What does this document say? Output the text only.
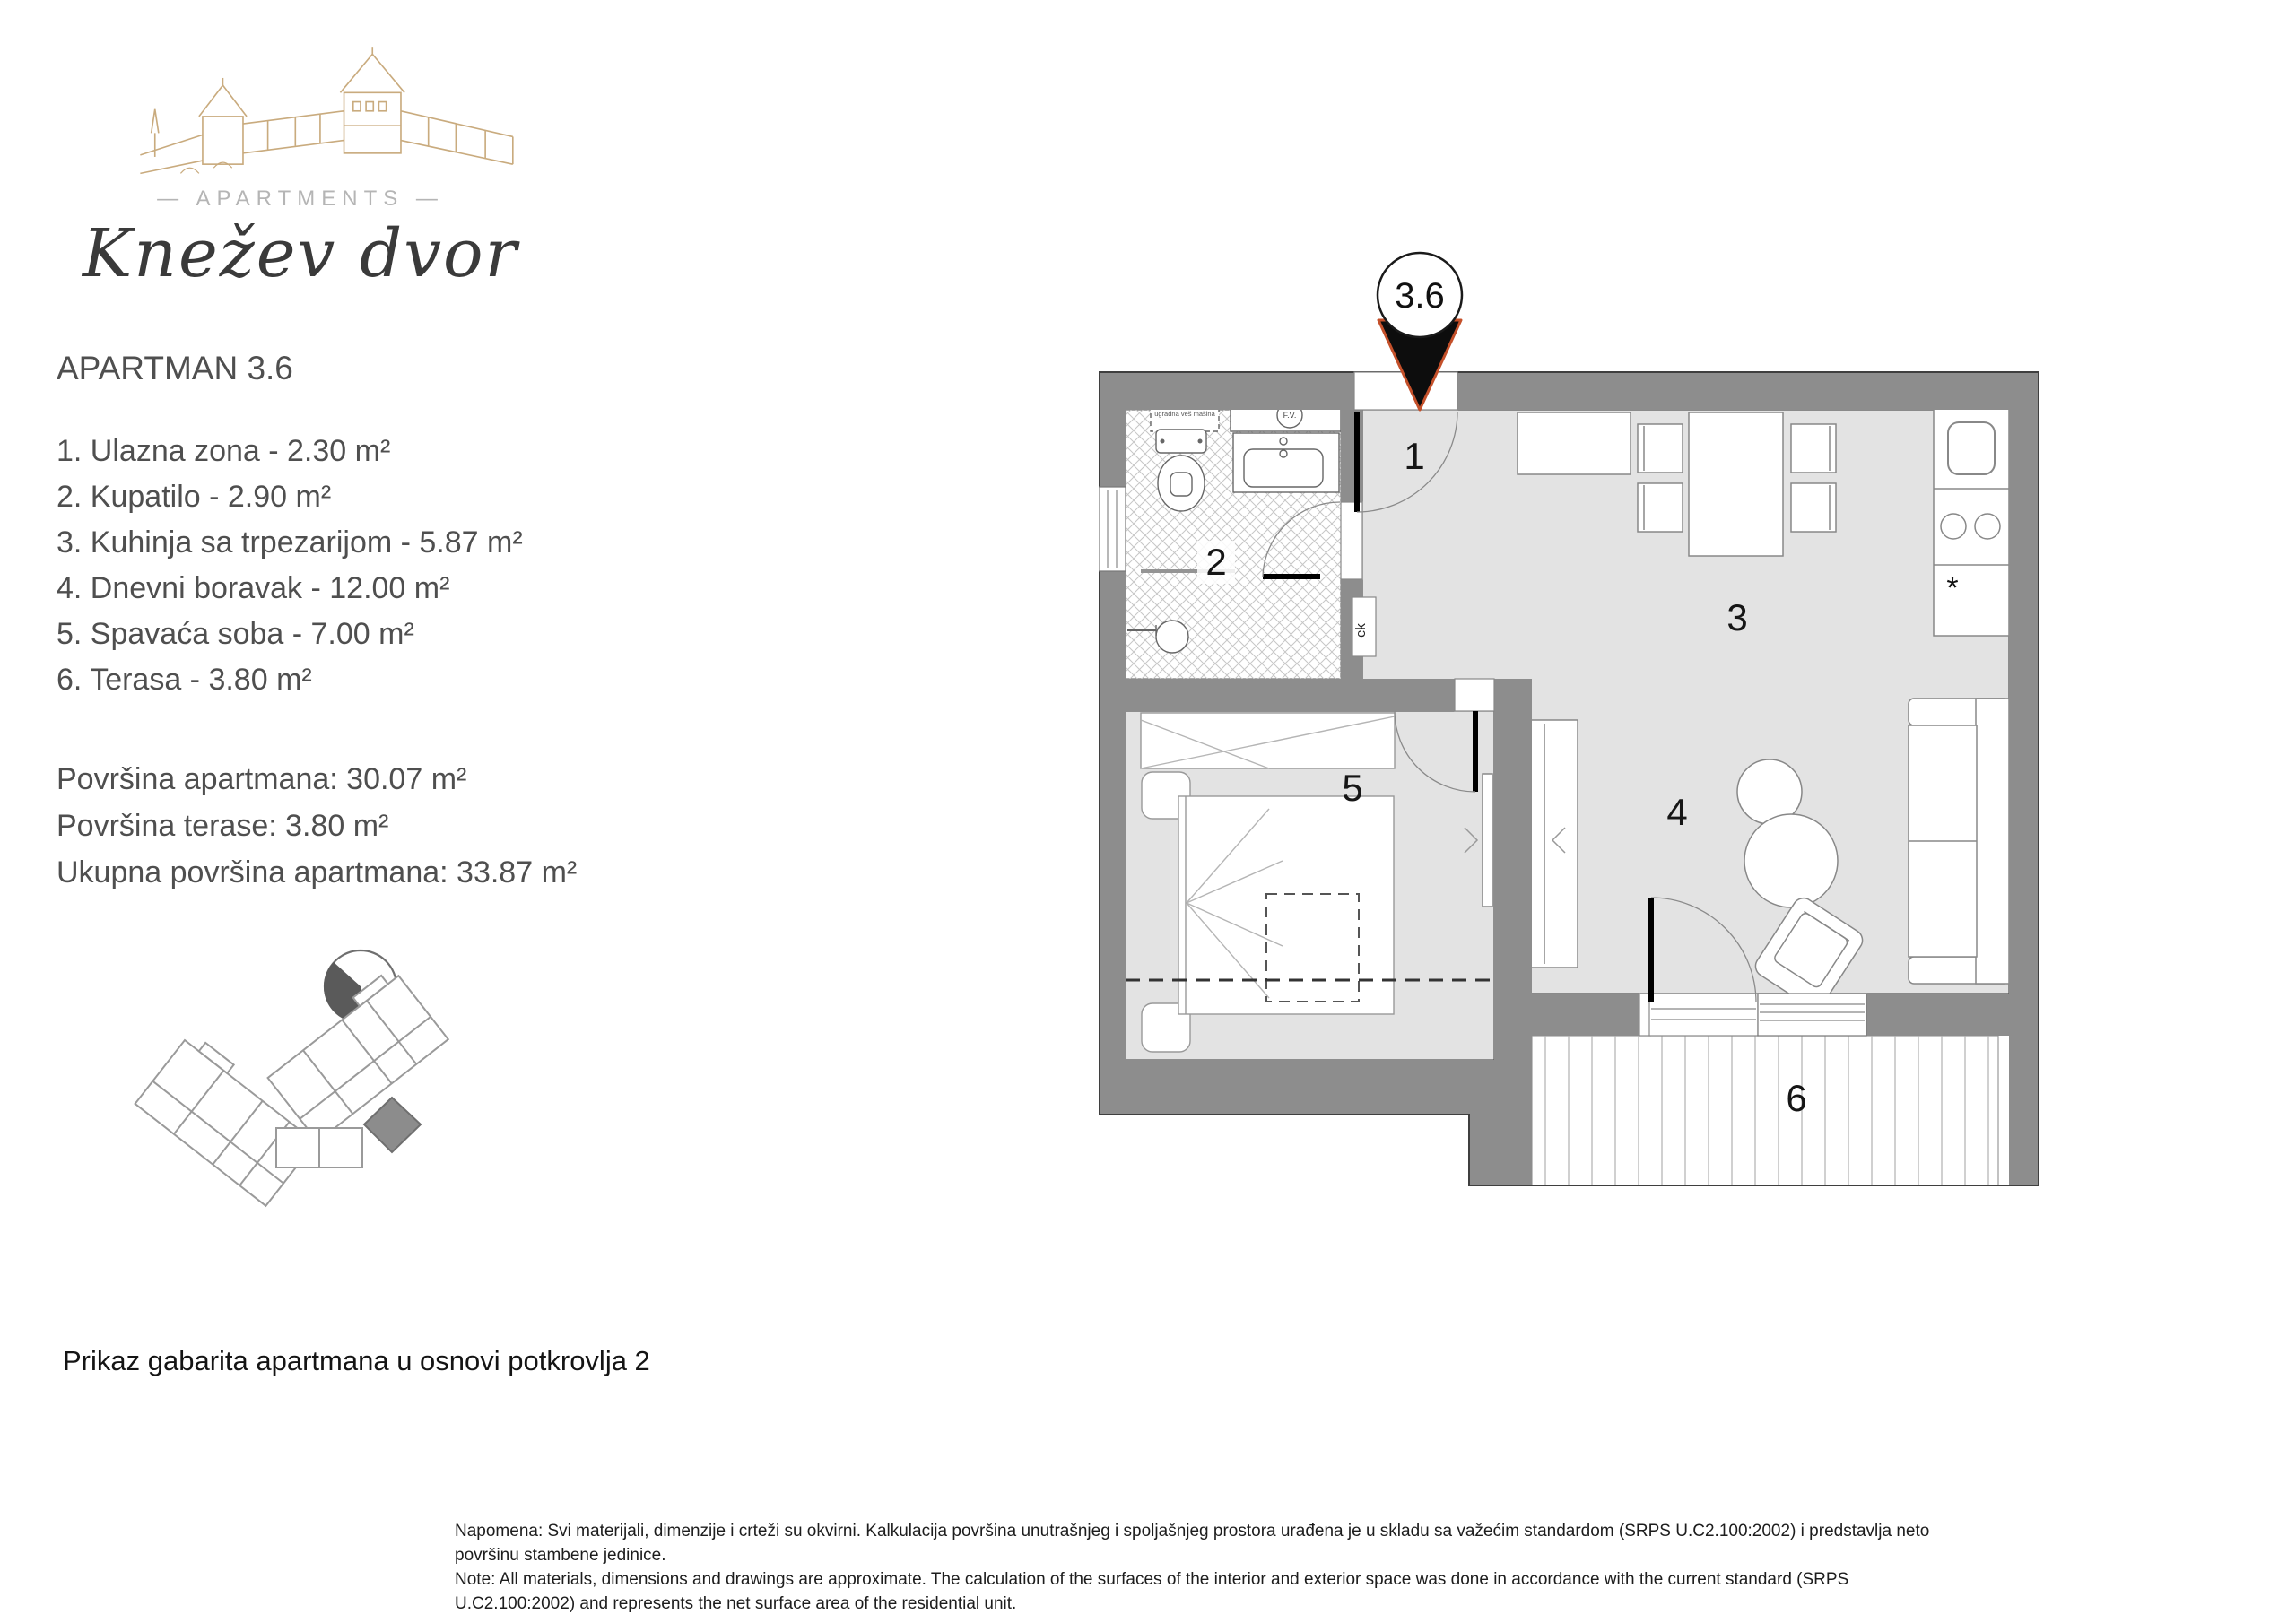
— APARTMENTS —
Knežev dvor
APARTMAN 3.6
1. Ulazna zona - 2.30 m²
2. Kupatilo - 2.90 m²
3. Kuhinja sa trpezarijom - 5.87 m²
4. Dnevni boravak - 12.00 m²
5. Spavaća soba - 7.00 m²
6. Terasa - 3.80 m²
Površina apartmana: 30.07 m²
Površina terase: 3.80 m²
Ukupna površina apartmana: 33.87 m²
Prikaz gabarita apartmana u osnovi potkrovlja 2
ugradna veš mašina	F.V.
*
ek
1
2
3
4
5
6
3.6
Napomena: Svi materijali, dimenzije i crteži su okvirni. Kalkulacija površina unutrašnjeg i spoljašnjeg prostora urađena je u skladu sa važećim standardom (SRPS U.C2.100:2002) i predstavlja neto površinu stambene jedinice.
Note: All materials, dimensions and drawings are approximate. The calculation of the surfaces of the interior and exterior space was done in accordance with the current standard (SRPS U.C2.100:2002) and represents the net surface area of the residential unit.
